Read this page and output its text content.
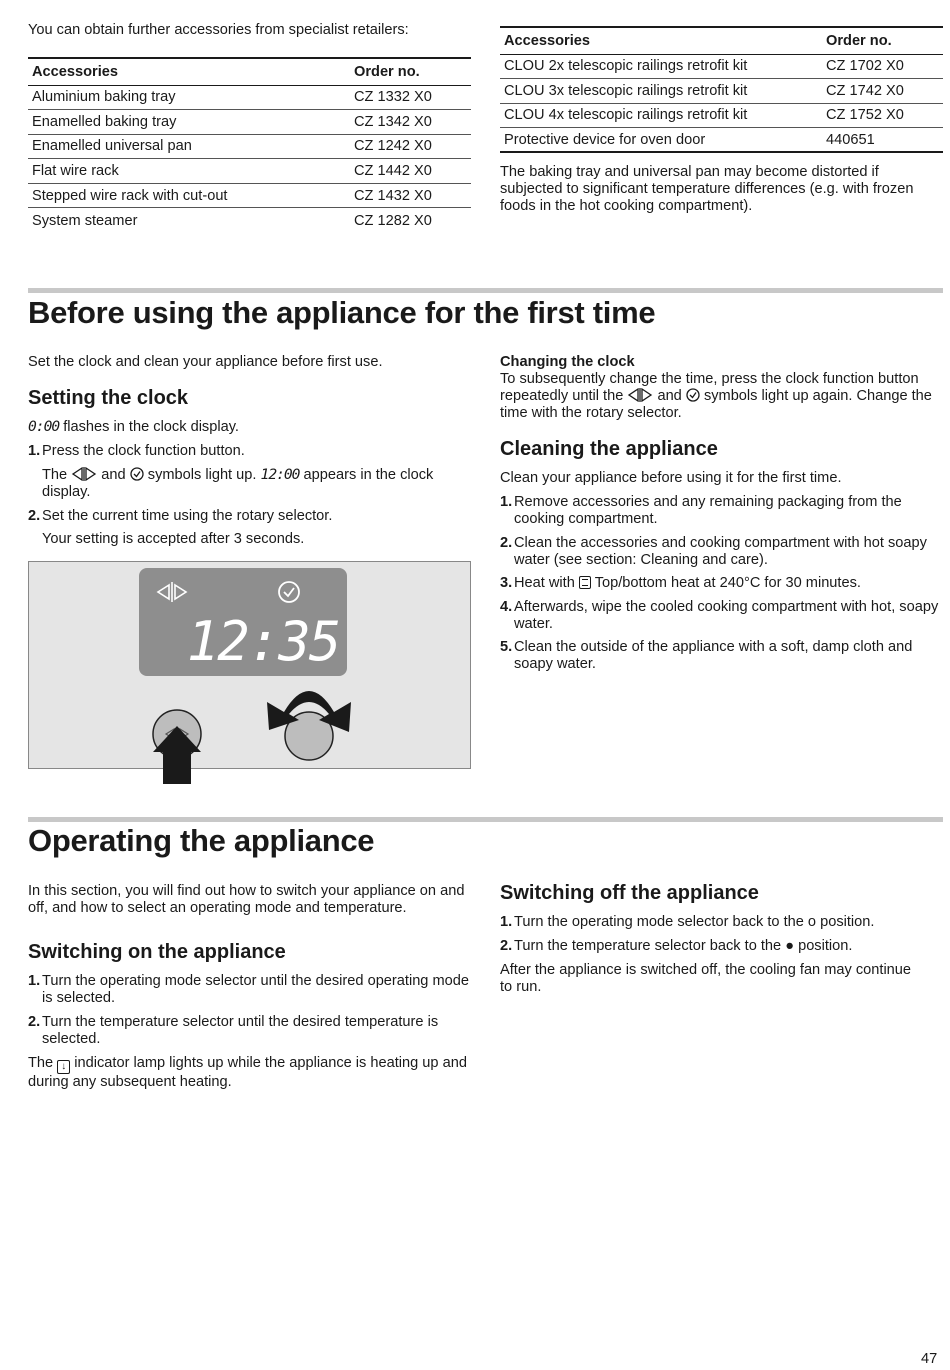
You can obtain further accessories from specialist retailers:
Accessories	Order no.
Aluminium baking tray	CZ 1332 X0
Enamelled baking tray	CZ 1342 X0
Enamelled universal pan	CZ 1242 X0
Flat wire rack	CZ 1442 X0
Stepped wire rack with cut-out	CZ 1432 X0
System steamer	CZ 1282 X0
Accessories	Order no.
CLOU 2x telescopic railings retrofit kit	CZ 1702 X0
CLOU 3x telescopic railings retrofit kit	CZ 1742 X0
CLOU 4x telescopic railings retrofit kit	CZ 1752 X0
Protective device for oven door	440651
The baking tray and universal pan may become distorted if subjected to significant temperature differences (e.g. with frozen foods in the hot cooking compartment).
Before using the appliance for the first time
Set the clock and clean your appliance before first use.
Setting the clock
0:00 flashes in the clock display.
1. Press the clock function button.
The and symbols light up. 12:00 appears in the clock display.
2. Set the current time using the rotary selector.
Your setting is accepted after 3 seconds.
12:35
Changing the clock
To subsequently change the time, press the clock function button repeatedly until the and symbols light up again. Change the time with the rotary selector.
Cleaning the appliance
Clean your appliance before using it for the first time.
1. Remove accessories and any remaining packaging from the cooking compartment.
2. Clean the accessories and cooking compartment with hot soapy water (see section: Cleaning and care).
3. Heat with Top/bottom heat at 240°C for 30 minutes.
4. Afterwards, wipe the cooled cooking compartment with hot, soapy water.
5. Clean the outside of the appliance with a soft, damp cloth and soapy water.
Operating the appliance
In this section, you will find out how to switch your appliance on and off, and how to select an operating mode and temperature.
Switching on the appliance
1. Turn the operating mode selector until the desired operating mode is selected.
2. Turn the temperature selector until the desired temperature is selected.
The ↓ indicator lamp lights up while the appliance is heating up and during any subsequent heating.
Switching off the appliance
1. Turn the operating mode selector back to the o position.
2. Turn the temperature selector back to the ● position.
After the appliance is switched off, the cooling fan may continue to run.
47
